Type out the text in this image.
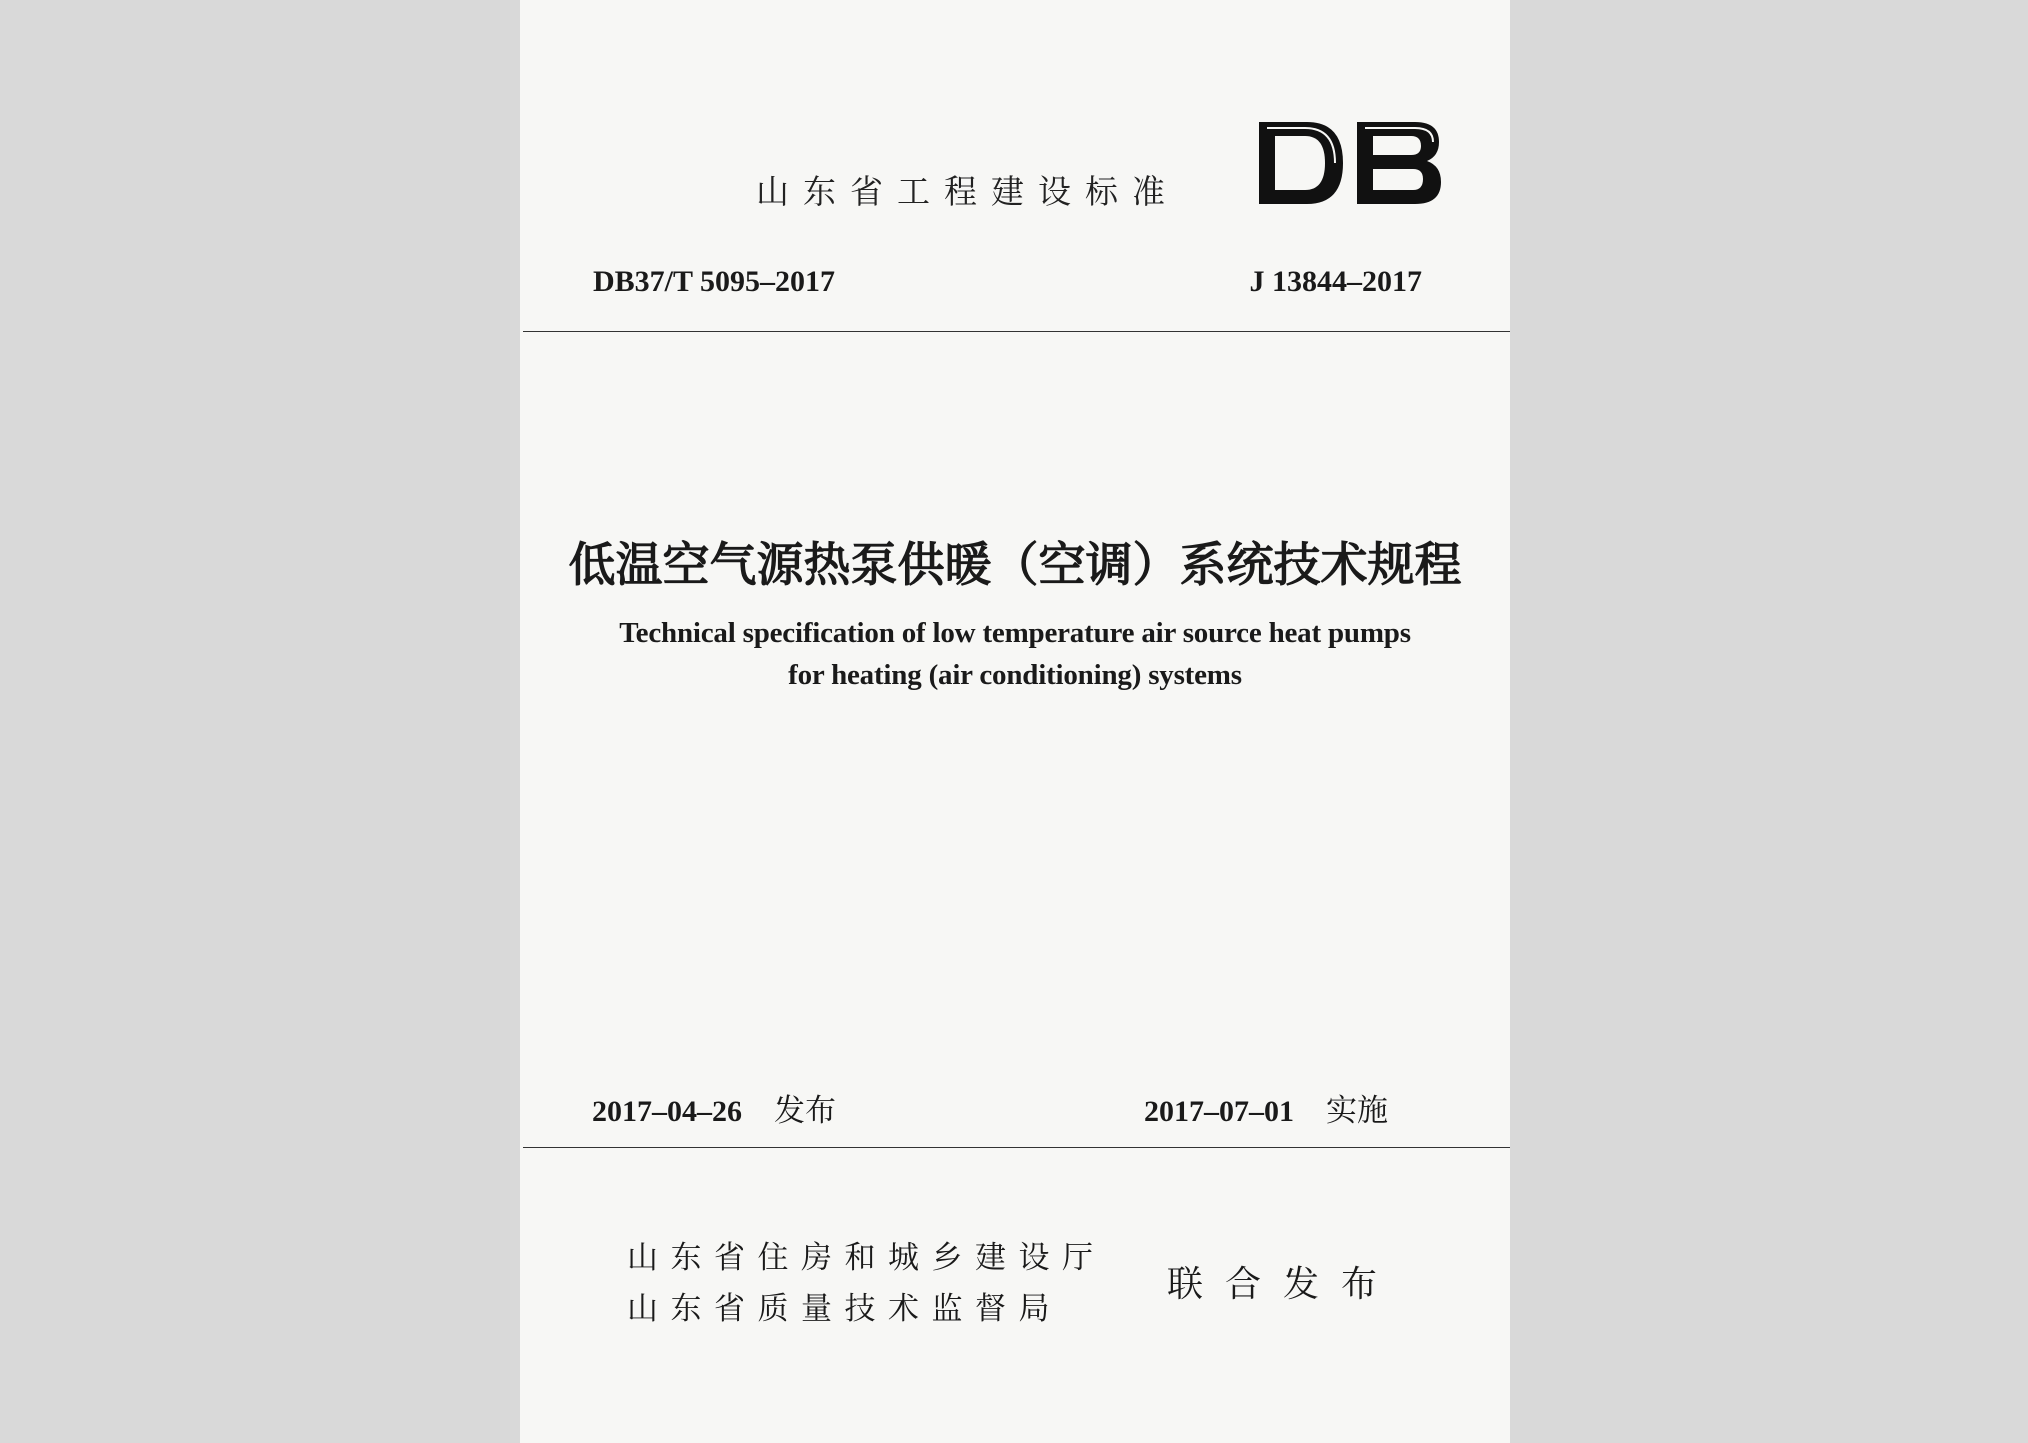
山东省工程建设标准
DB37/T 5095–2017	J 13844–2017
低温空气源热泵供暖（空调）系统技术规程
Technical specification of low temperature air source heat pumps
for heating (air conditioning) systems
2017–04–26 发布	2017–07–01 实施
山东省住房和城乡建设厅
山东省质量技术监督局
联合发布
